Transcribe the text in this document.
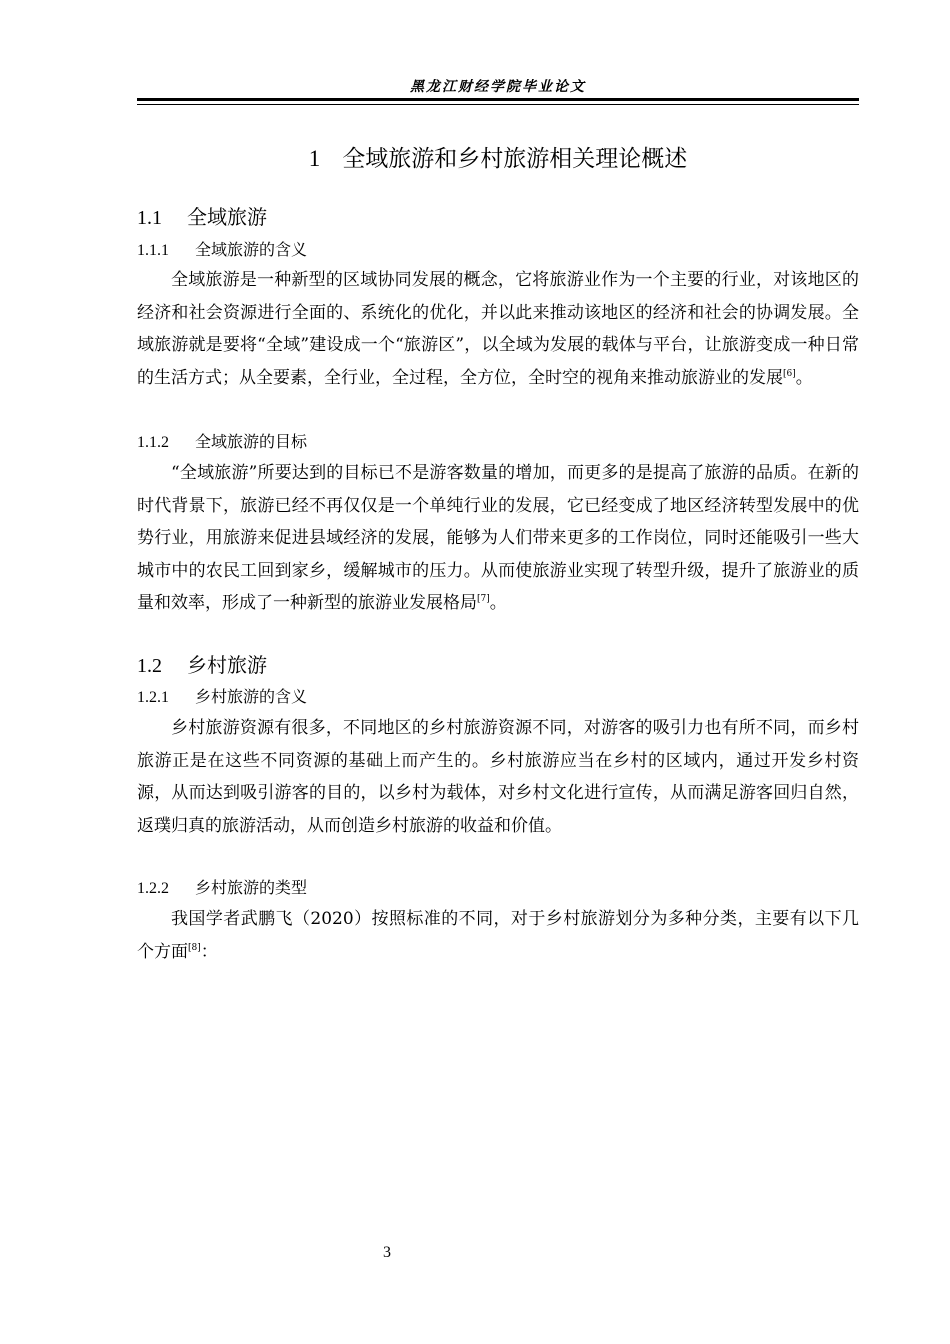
黑龙江财经学院毕业论文
1 全域旅游和乡村旅游相关理论概述
1.1 全域旅游
1.1.1 全域旅游的含义

全域旅游是一种新型的区域协同发展的概念，它将旅游业作为一个主要的行业，对该地区的经济和社会资源进行全面的、系统化的优化，并以此来推动该地区的经济和社会的协调发展。全域旅游就是要将“全域”建设成一个“旅游区”，以全域为发展的载体与平台，让旅游变成一种日常的生活方式；从全要素，全行业，全过程，全方位，全时空的视角来推动旅游业的发展[6]。

1.1.2 全域旅游的目标

“全域旅游”所要达到的目标已不是游客数量的增加，而更多的是提高了旅游的品质。在新的时代背景下，旅游已经不再仅仅是一个单纯行业的发展，它已经变成了地区经济转型发展中的优势行业，用旅游来促进县域经济的发展，能够为人们带来更多的工作岗位，同时还能吸引一些大城市中的农民工回到家乡，缓解城市的压力。从而使旅游业实现了转型升级，提升了旅游业的质量和效率，形成了一种新型的旅游业发展格局[7]。

1.2 乡村旅游
1.2.1 乡村旅游的含义

乡村旅游资源有很多，不同地区的乡村旅游资源不同，对游客的吸引力也有所不同，而乡村旅游正是在这些不同资源的基础上而产生的。乡村旅游应当在乡村的区域内，通过开发乡村资源，从而达到吸引游客的目的，以乡村为载体，对乡村文化进行宣传，从而满足游客回归自然，返璞归真的旅游活动，从而创造乡村旅游的收益和价值。

1.2.2 乡村旅游的类型

我国学者武鹏飞（2020）按照标准的不同，对于乡村旅游划分为多种分类，主要有以下几个方面[8]：

3
